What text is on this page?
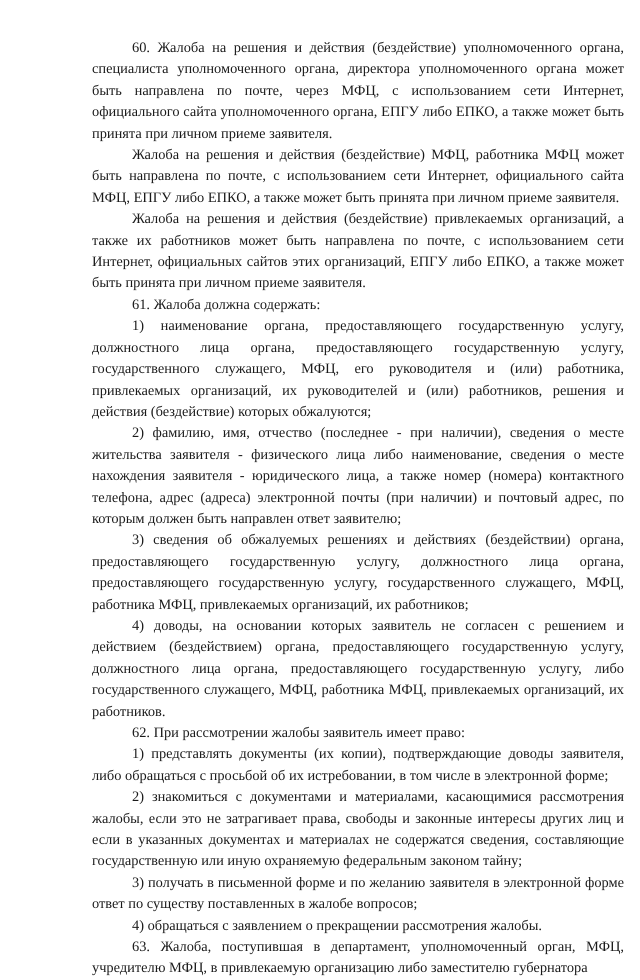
60. Жалоба на решения и действия (бездействие) уполномоченного органа, специалиста уполномоченного органа, директора уполномоченного органа может быть направлена по почте, через МФЦ, с использованием сети Интернет, официального сайта уполномоченного органа, ЕПГУ либо ЕПКО, а также может быть принята при личном приеме заявителя.

Жалоба на решения и действия (бездействие) МФЦ, работника МФЦ может быть направлена по почте, с использованием сети Интернет, официального сайта МФЦ, ЕПГУ либо ЕПКО, а также может быть принята при личном приеме заявителя.

Жалоба на решения и действия (бездействие) привлекаемых организаций, а также их работников может быть направлена по почте, с использованием сети Интернет, официальных сайтов этих организаций, ЕПГУ либо ЕПКО, а также может быть принята при личном приеме заявителя.

61. Жалоба должна содержать:

1) наименование органа, предоставляющего государственную услугу, должностного лица органа, предоставляющего государственную услугу, государственного служащего, МФЦ, его руководителя и (или) работника, привлекаемых организаций, их руководителей и (или) работников, решения и действия (бездействие) которых обжалуются;

2) фамилию, имя, отчество (последнее - при наличии), сведения о месте жительства заявителя - физического лица либо наименование, сведения о месте нахождения заявителя - юридического лица, а также номер (номера) контактного телефона, адрес (адреса) электронной почты (при наличии) и почтовый адрес, по которым должен быть направлен ответ заявителю;

3) сведения об обжалуемых решениях и действиях (бездействии) органа, предоставляющего государственную услугу, должностного лица органа, предоставляющего государственную услугу, государственного служащего, МФЦ, работника МФЦ, привлекаемых организаций, их работников;

4) доводы, на основании которых заявитель не согласен с решением и действием (бездействием) органа, предоставляющего государственную услугу, должностного лица органа, предоставляющего государственную услугу, либо государственного служащего, МФЦ, работника МФЦ, привлекаемых организаций, их работников.

62. При рассмотрении жалобы заявитель имеет право:

1) представлять документы (их копии), подтверждающие доводы заявителя, либо обращаться с просьбой об их истребовании, в том числе в электронной форме;

2) знакомиться с документами и материалами, касающимися рассмотрения жалобы, если это не затрагивает права, свободы и законные интересы других лиц и если в указанных документах и материалах не содержатся сведения, составляющие государственную или иную охраняемую федеральным законом тайну;

3) получать в письменной форме и по желанию заявителя в электронной форме ответ по существу поставленных в жалобе вопросов;

4) обращаться с заявлением о прекращении рассмотрения жалобы.

63. Жалоба, поступившая в департамент, уполномоченный орган, МФЦ, учредителю МФЦ, в привлекаемую организацию либо заместителю губернатора
